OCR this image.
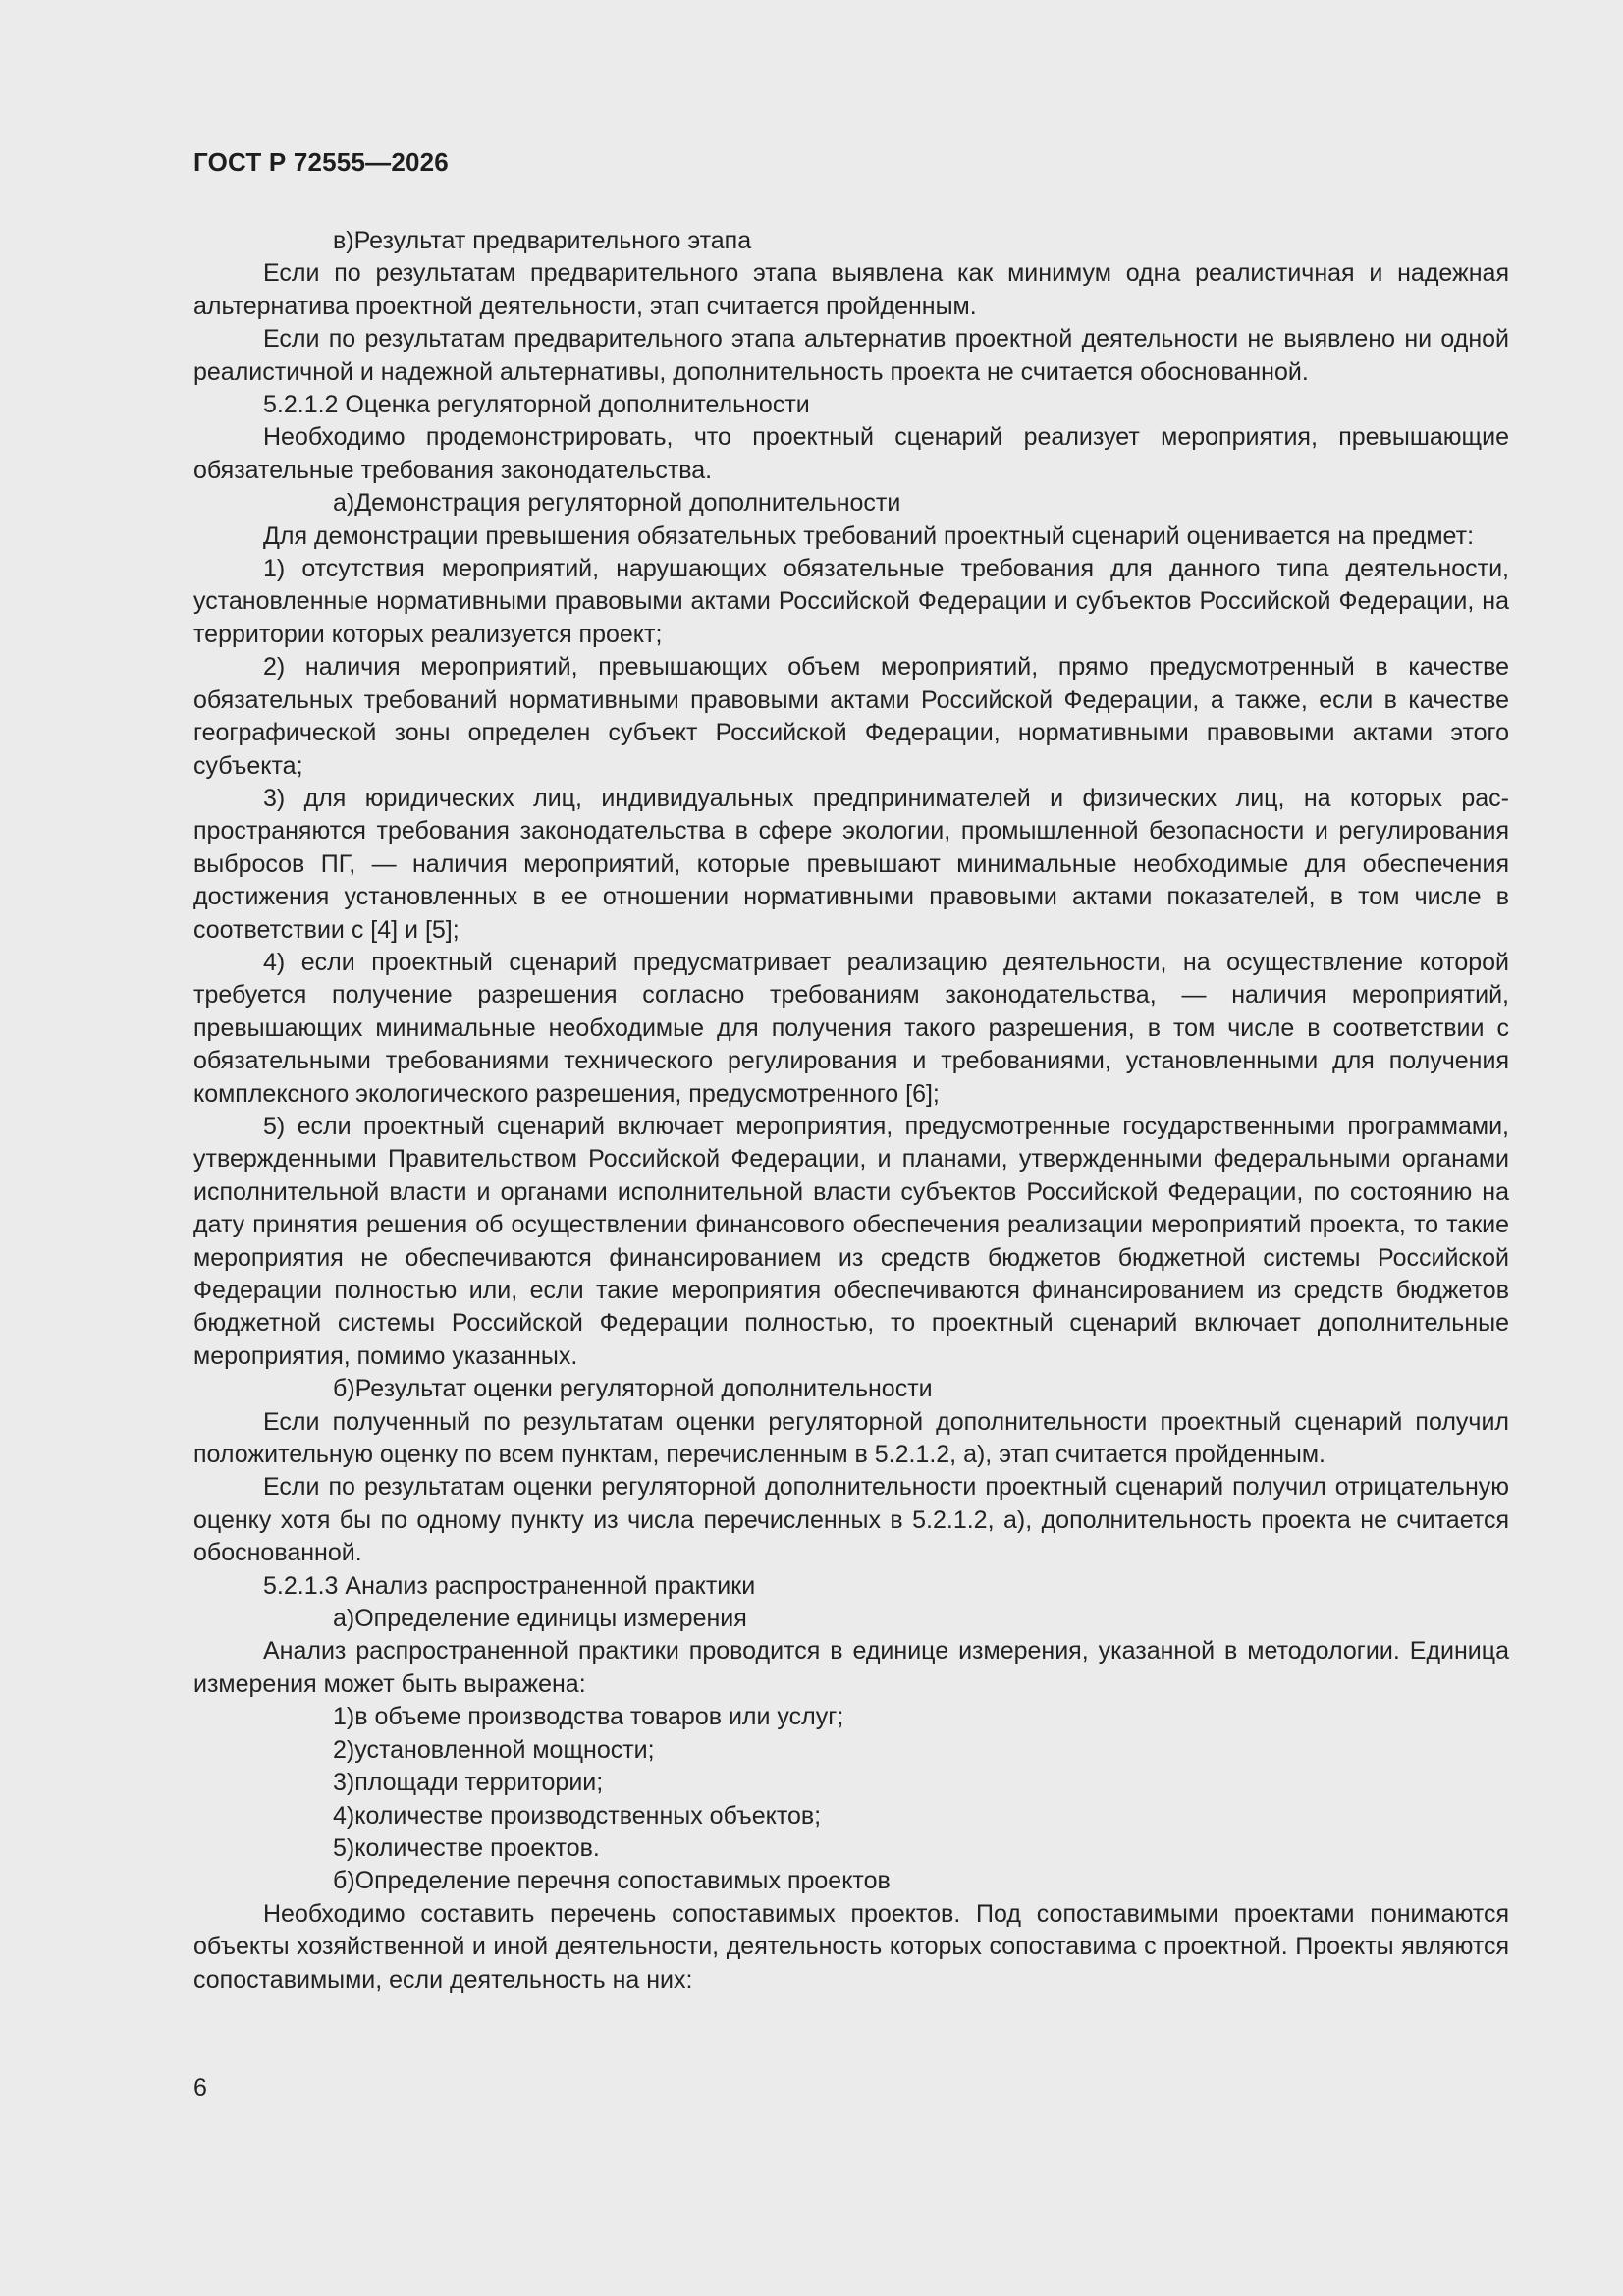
ГОСТ Р 72555—2026

в)Результат предварительного этапа

Если по результатам предварительного этапа выявлена как минимум одна реалистичная и надежная альтернатива проектной деятельности, этап считается пройденным.

Если по результатам предварительного этапа альтернатив проектной деятельности не выявлено ни одной реалистичной и надежной альтернативы, дополнительность проекта не считается обоснованной.

5.2.1.2 Оценка регуляторной дополнительности

Необходимо продемонстрировать, что проектный сценарий реализует мероприятия, превышающие обязательные требования законодательства.

а)Демонстрация регуляторной дополнительности

Для демонстрации превышения обязательных требований проектный сценарий оценивается на предмет:

1) отсутствия мероприятий, нарушающих обязательные требования для данного типа деятельности, установленные нормативными правовыми актами Российской Федерации и субъектов Российской Федерации, на территории которых реализуется проект;

2) наличия мероприятий, превышающих объем мероприятий, прямо предусмотренный в качестве обязательных требований нормативными правовыми актами Российской Федерации, а также, если в качестве географической зоны определен субъект Российской Федерации, нормативными правовыми актами этого субъекта;

3) для юридических лиц, индивидуальных предпринимателей и физических лиц, на которых распространяются требования законодательства в сфере экологии, промышленной безопасности и регулирования выбросов ПГ, — наличия мероприятий, которые превышают минимальные необходимые для обеспечения достижения установленных в ее отношении нормативными правовыми актами показателей, в том числе в соответствии с [4] и [5];

4) если проектный сценарий предусматривает реализацию деятельности, на осуществление которой требуется получение разрешения согласно требованиям законодательства, — наличия мероприятий, превышающих минимальные необходимые для получения такого разрешения, в том числе в соответствии с обязательными требованиями технического регулирования и требованиями, установленными для получения комплексного экологического разрешения, предусмотренного [6];

5) если проектный сценарий включает мероприятия, предусмотренные государственными программами, утвержденными Правительством Российской Федерации, и планами, утвержденными федеральными органами исполнительной власти и органами исполнительной власти субъектов Российской Федерации, по состоянию на дату принятия решения об осуществлении финансового обеспечения реализации мероприятий проекта, то такие мероприятия не обеспечиваются финансированием из средств бюджетов бюджетной системы Российской Федерации полностью или, если такие мероприятия обеспечиваются финансированием из средств бюджетов бюджетной системы Российской Федерации полностью, то проектный сценарий включает дополнительные мероприятия, помимо указанных.

б)Результат оценки регуляторной дополнительности

Если полученный по результатам оценки регуляторной дополнительности проектный сценарий получил положительную оценку по всем пунктам, перечисленным в 5.2.1.2, а), этап считается пройденным.

Если по результатам оценки регуляторной дополнительности проектный сценарий получил отрицательную оценку хотя бы по одному пункту из числа перечисленных в 5.2.1.2, а), дополнительность проекта не считается обоснованной.

5.2.1.3 Анализ распространенной практики

а)Определение единицы измерения

Анализ распространенной практики проводится в единице измерения, указанной в методологии. Единица измерения может быть выражена:

1)в объеме производства товаров или услуг;

2)установленной мощности;

3)площади территории;

4)количестве производственных объектов;

5)количестве проектов.

б)Определение перечня сопоставимых проектов

Необходимо составить перечень сопоставимых проектов. Под сопоставимыми проектами понимаются объекты хозяйственной и иной деятельности, деятельность которых сопоставима с проектной. Проекты являются сопоставимыми, если деятельность на них:

6
